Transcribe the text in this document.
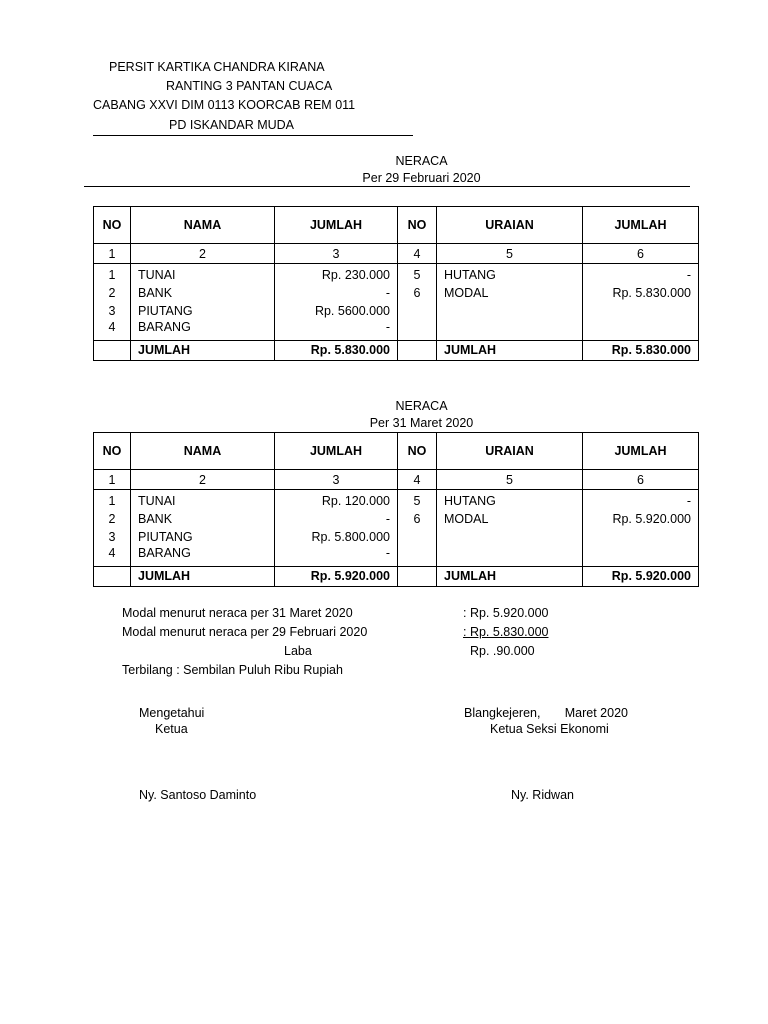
PERSIT KARTIKA CHANDRA KIRANA
RANTING 3 PANTAN CUACA
CABANG XXVI DIM 0113 KOORCAB REM 011
PD ISKANDAR MUDA
NERACA
Per 29 Februari 2020
NO	NAMA	JUMLAH	NO	URAIAN	JUMLAH
1	2	3	4	5	6
1	TUNAI	Rp. 230.000	5	HUTANG	-
2	BANK	-	6	MODAL	Rp. 5.830.000
3	PIUTANG	Rp. 5600.000			
4	BARANG	-			
	JUMLAH	Rp. 5.830.000		JUMLAH	Rp. 5.830.000
NERACA
Per 31 Maret 2020
NO	NAMA	JUMLAH	NO	URAIAN	JUMLAH
1	2	3	4	5	6
1	TUNAI	Rp. 120.000	5	HUTANG	-
2	BANK	-	6	MODAL	Rp. 5.920.000
3	PIUTANG	Rp. 5.800.000			
4	BARANG	-			
	JUMLAH	Rp. 5.920.000		JUMLAH	Rp. 5.920.000
Modal menurut neraca per 31 Maret 2020	: Rp. 5.920.000
Modal menurut neraca per 29 Februari 2020	: Rp. 5.830.000
Laba	Rp. .90.000
Terbilang : Sembilan Puluh Ribu Rupiah
Mengetahui
Ketua
Ny. Santoso Daminto
Blangkejeren,       Maret 2020
Ketua Seksi Ekonomi
Ny. Ridwan
